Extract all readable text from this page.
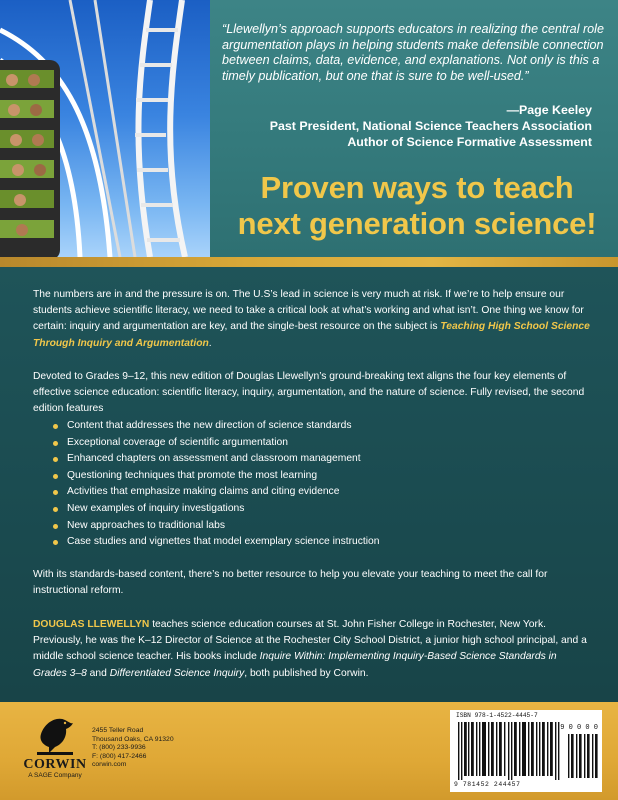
“Llewellyn’s approach supports educators in realizing the central role argumentation plays in helping students make defensible connection between claims, data, evidence, and explanations. Not only is this a timely publication, but one that is sure to be well-used.”
—Page Keeley
Past President, National Science Teachers Association
Author of Science Formative Assessment
Proven ways to teach
next generation science!

The numbers are in and the pressure is on. The U.S’s lead in science is very much at risk. If we’re to help ensure our students achieve scientific literacy, we need to take a critical look at what’s working and what isn’t. One thing we know for certain: inquiry and argumentation are key, and the single-best resource on the subject is Teaching High School Science Through Inquiry and Argumentation.

Devoted to Grades 9–12, this new edition of Douglas Llewellyn’s ground-breaking text aligns the four key elements of effective science education: scientific literacy, inquiry, argumentation, and the nature of science. Fully revised, the second edition features

Content that addresses the new direction of science standards
Exceptional coverage of scientific argumentation
Enhanced chapters on assessment and classroom management
Questioning techniques that promote the most learning
Activities that emphasize making claims and citing evidence
New examples of inquiry investigations
New approaches to traditional labs
Case studies and vignettes that model exemplary science instruction

With its standards-based content, there’s no better resource to help you elevate your teaching to meet the call for instructional reform.

DOUGLAS LLEWELLYN teaches science education courses at St. John Fisher College in Rochester, New York. Previously, he was the K–12 Director of Science at the Rochester City School District, a junior high school principal, and a middle school science teacher. His books include Inquire Within: Implementing Inquiry-Based Science Standards in Grades 3–8 and Differentiated Science Inquiry, both published by Corwin.

CORWIN
A SAGE Company
2455 Teller Road
Thousand Oaks, CA 91320
T: (800) 233-9936
F: (800) 417-2466
corwin.com
ISBN 978-1-4522-4445-7
9 0 0 0 0
9 781452 244457
